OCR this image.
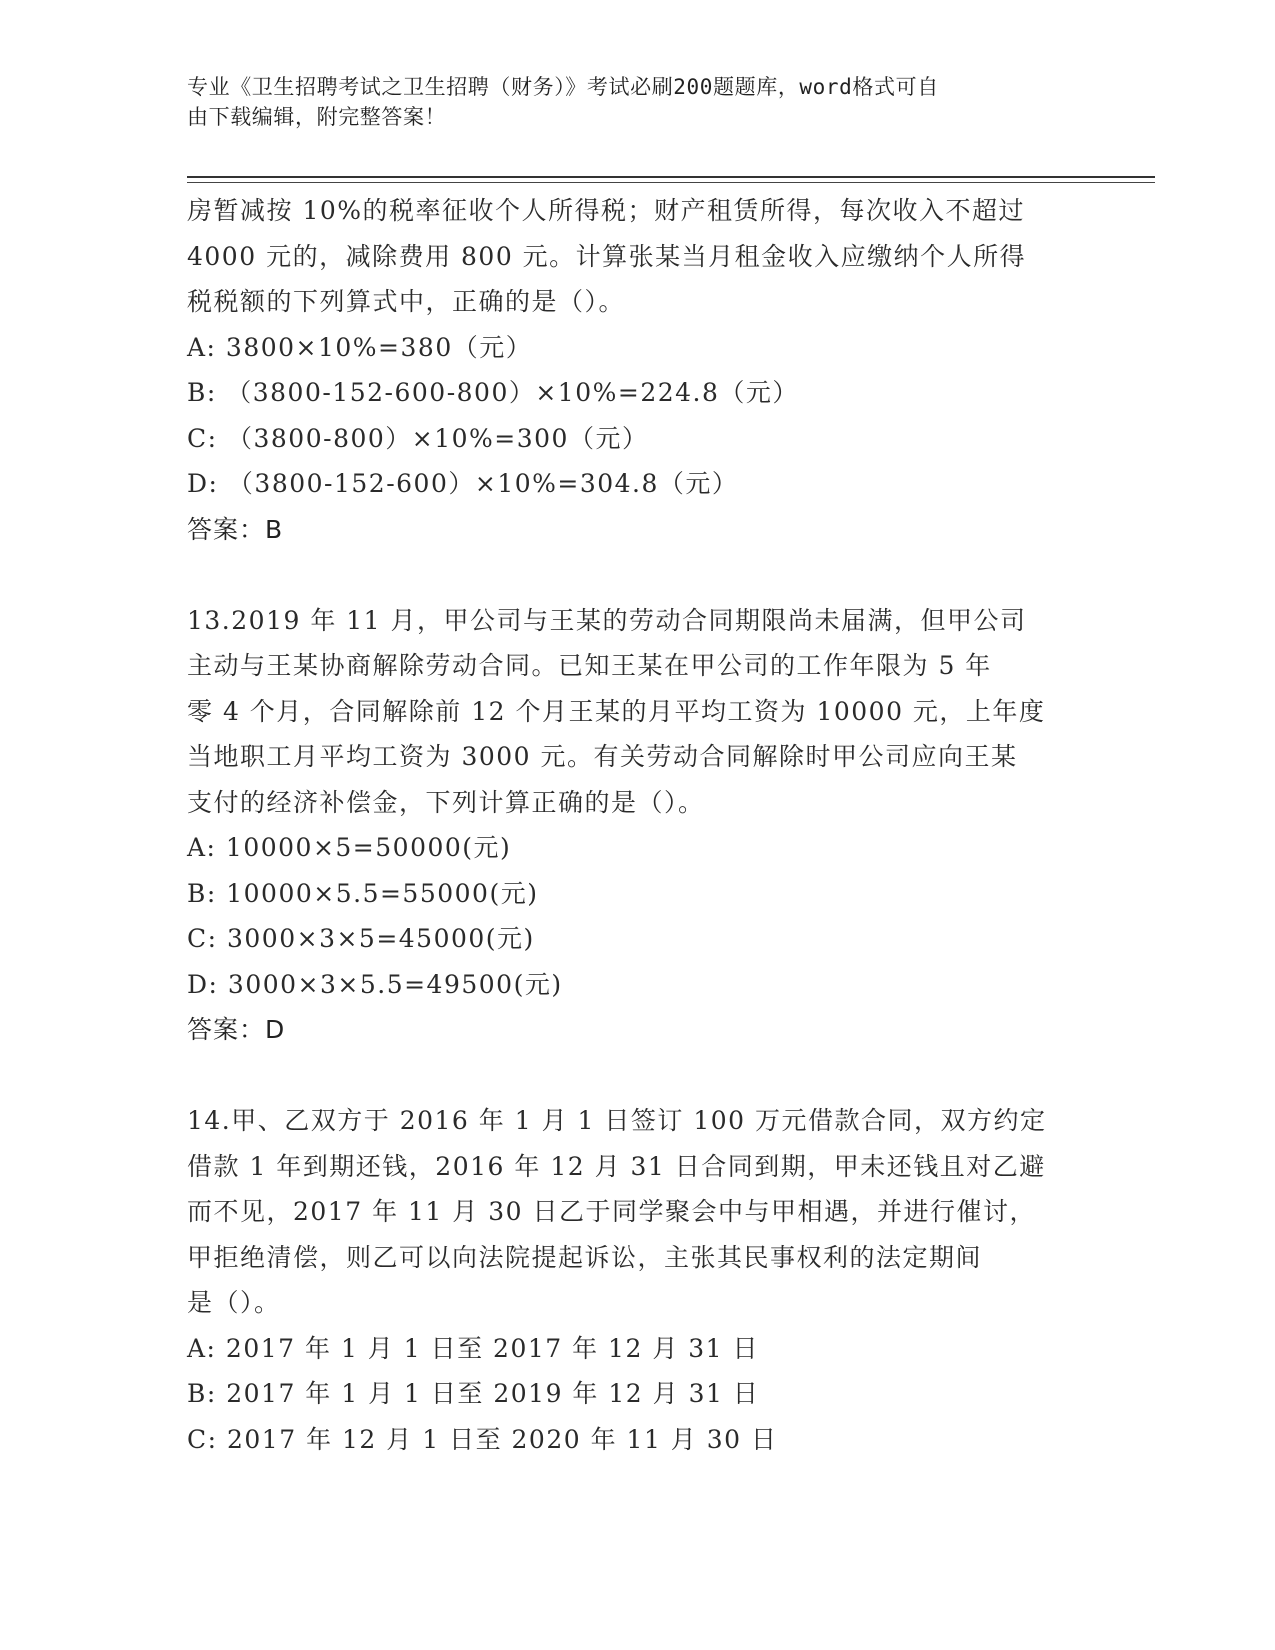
专业《卫生招聘考试之卫生招聘（财务）》考试必刷200题题库，word格式可自
由下载编辑，附完整答案！
房暂减按 10%的税率征收个人所得税；财产租赁所得，每次收入不超过
4000 元的，减除费用 800 元。计算张某当月租金收入应缴纳个人所得
税税额的下列算式中，正确的是（）。
A: 3800×10%=380（元）
B: （3800-152-600-800）×10%=224.8（元）
C: （3800-800）×10%=300（元）
D: （3800-152-600）×10%=304.8（元）
答案：B
13.2019 年 11 月，甲公司与王某的劳动合同期限尚未届满，但甲公司
主动与王某协商解除劳动合同。已知王某在甲公司的工作年限为 5 年
零 4 个月，合同解除前 12 个月王某的月平均工资为 10000 元，上年度
当地职工月平均工资为 3000 元。有关劳动合同解除时甲公司应向王某
支付的经济补偿金，下列计算正确的是（）。
A: 10000×5=50000(元)
B: 10000×5.5=55000(元)
C: 3000×3×5=45000(元)
D: 3000×3×5.5=49500(元)
答案：D
14.甲、乙双方于 2016 年 1 月 1 日签订 100 万元借款合同，双方约定
借款 1 年到期还钱，2016 年 12 月 31 日合同到期，甲未还钱且对乙避
而不见，2017 年 11 月 30 日乙于同学聚会中与甲相遇，并进行催讨，
甲拒绝清偿，则乙可以向法院提起诉讼，主张其民事权利的法定期间
是（）。
A: 2017 年 1 月 1 日至 2017 年 12 月 31 日
B: 2017 年 1 月 1 日至 2019 年 12 月 31 日
C: 2017 年 12 月 1 日至 2020 年 11 月 30 日
